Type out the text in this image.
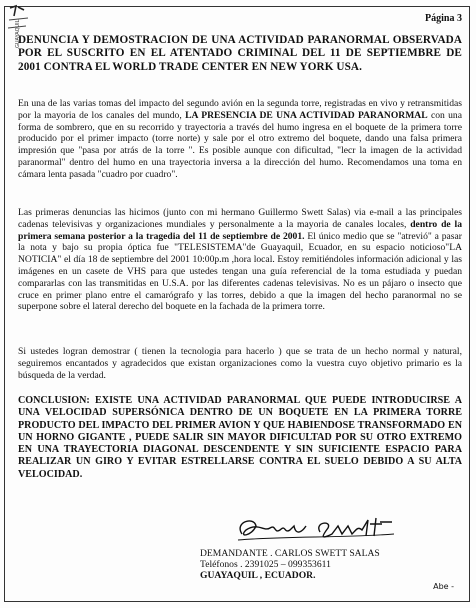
GUAYAQUIL
Página 3
DENUNCIA Y DEMOSTRACION DE UNA ACTIVIDAD PARANORMAL OBSERVADA POR EL SUSCRITO EN EL ATENTADO CRIMINAL DEL 11 DE SEPTIEMBRE DE 2001 CONTRA EL WORLD TRADE CENTER EN NEW YORK USA.

En una de las varias tomas del impacto del segundo avión en la segunda torre, registradas en vivo y retransmitidas por la mayoria de los canales del mundo, LA PRESENCIA DE UNA ACTIVIDAD PARANORMAL con una forma de sombrero, que en su recorrido y trayectoria a través del humo ingresa en el boquete de la primera torre producido por el primer impacto (torre norte) y sale por el otro extremo del boquete, dando una falsa primera impresión que "pasa por atrás de la torre ". Es posible aunque con dificultad, "lecr la imagen de la actividad paranormal" dentro del humo en una trayectoria inversa a la dirección del humo. Recomendamos una toma en cámara lenta pasada "cuadro por cuadro".

Las primeras denuncias las hicimos (junto con mi hermano Guillermo Swett Salas) via e-mail a las principales cadenas televisivas y organizaciones mundiales y personalmente a la mayoria de canales locales, dentro de la primera semana posterior a la tragedia del 11 de septiembre de 2001. El único medio que se "atrevió" a pasar la nota y bajo su propia óptica fue "TELESISTEMA"de Guayaquil, Ecuador, en su espacio noticioso"LA NOTICIA" el día 18 de septiembre del 2001 10:00p.m ,hora local. Estoy remitiéndoles información adicional y las imágenes en un casete de VHS para que ustedes tengan una guía referencial de la toma estudiada y puedan compararlas con las transmitidas en U.S.A. por las diferentes cadenas televisivas. No es un pájaro o insecto que cruce en primer plano entre el camarógrafo y las torres, debido a que la imagen del hecho paranormal no se superpone sobre el lateral derecho del boquete en la fachada de la primera torre.

Si ustedes logran demostrar ( tienen la tecnologia para hacerlo ) que se trata de un hecho normal y natural, seguiremos encantados y agradecidos que existan organizaciones como la vuestra cuyo objetivo primario es la búsqueda de la verdad.

CONCLUSION: EXISTE UNA ACTIVIDAD PARANORMAL QUE PUEDE INTRODUCIRSE A UNA VELOCIDAD SUPERSÓNICA DENTRO DE UN BOQUETE EN LA PRIMERA TORRE PRODUCTO DEL IMPACTO DEL PRIMER AVION Y QUE HABIENDOSE TRANSFORMADO EN UN HORNO GIGANTE , PUEDE SALIR SIN MAYOR DIFICULTAD POR SU OTRO EXTREMO EN UNA TRAYECTORIA DIAGONAL DESCENDENTE Y SIN SUFICIENTE ESPACIO PARA REALIZAR UN GIRO Y EVITAR ESTRELLARSE CONTRA EL SUELO DEBIDO A SU ALTA VELOCIDAD.

DEMANDANTE . CARLOS SWETT SALAS
Teléfonos . 2391025 – 099353611
GUAYAQUIL , ECUADOR.
Abe -
